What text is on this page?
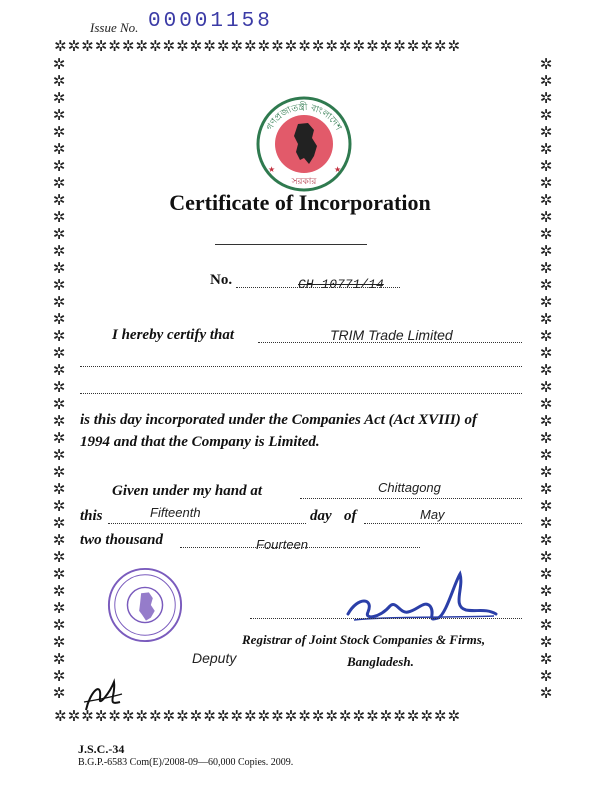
Issue No. 00001158
✲✲✲✲✲✲✲✲✲✲✲✲✲✲✲✲✲✲✲✲✲✲✲✲✲✲✲✲✲✲
✲✲✲✲✲✲✲✲✲✲✲✲✲✲✲✲✲✲✲✲✲✲✲✲✲✲✲✲✲✲
✲
✲
✲
✲
✲
✲
✲
✲
✲
✲
✲
✲
✲
✲
✲
✲
✲
✲
✲
✲
✲
✲
✲
✲
✲
✲
✲
✲
✲
✲
✲
✲
✲
✲
✲
✲
✲
✲
✲
✲
✲
✲
✲
✲
✲
✲
✲
✲
✲
✲
✲
✲
✲
✲
✲
✲
✲
✲
✲
✲
✲
✲
✲
✲
✲
✲
✲
✲
✲
✲
✲
✲
✲
✲
✲
✲
গণপ্রজাতন্ত্রী বাংলাদেশ
সরকার
★	★
Certificate of Incorporation
No.	CH-10771/14
I hereby certify that	TRIM Trade Limited
is this day incorporated under the Companies Act (Act XVIII) of
1994 and that the Company is Limited.
Given under my hand at	Chittagong
this	Fifteenth	day of	May
two thousand	Fourteen
Registrar of Joint Stock Companies & Firms,
Deputy	Bangladesh.
J.S.C.-34
B.G.P.-6583 Com(E)/2008-09—60,000 Copies. 2009.
